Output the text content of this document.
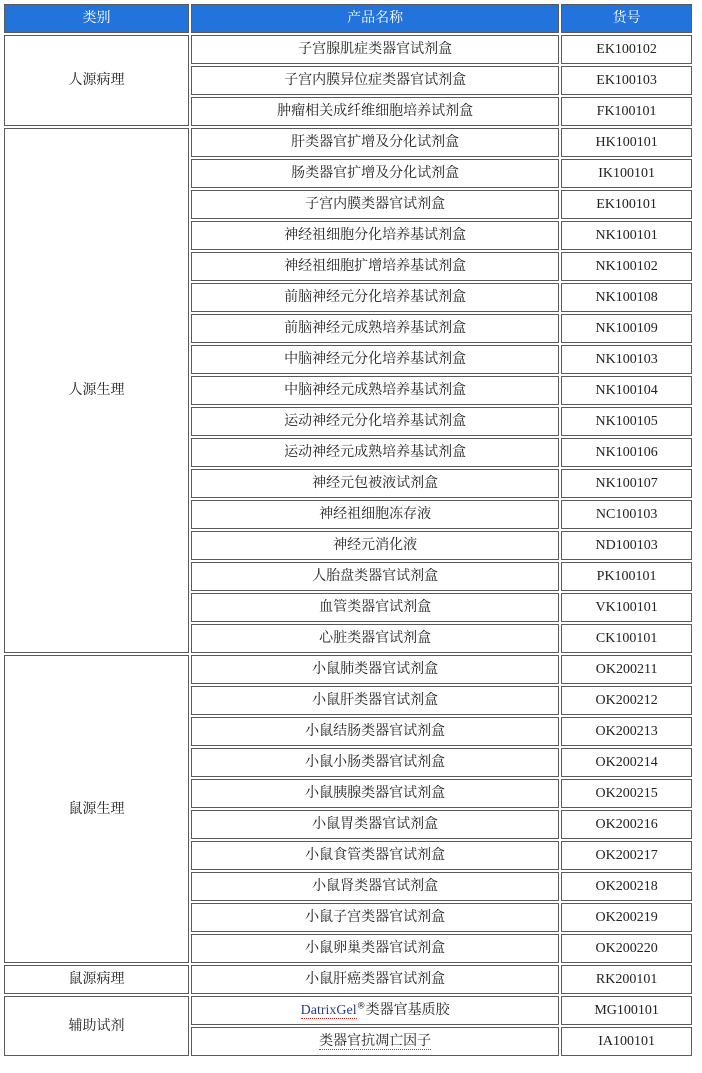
类别	产品名称	货号
人源病理	子宫腺肌症类器官试剂盒	EK100102
	子宫内膜异位症类器官试剂盒	EK100103
	肿瘤相关成纤维细胞培养试剂盒	FK100101
人源生理	肝类器官扩增及分化试剂盒	HK100101
	肠类器官扩增及分化试剂盒	IK100101
	子宫内膜类器官试剂盒	EK100101
	神经祖细胞分化培养基试剂盒	NK100101
	神经祖细胞扩增培养基试剂盒	NK100102
	前脑神经元分化培养基试剂盒	NK100108
	前脑神经元成熟培养基试剂盒	NK100109
	中脑神经元分化培养基试剂盒	NK100103
	中脑神经元成熟培养基试剂盒	NK100104
	运动神经元分化培养基试剂盒	NK100105
	运动神经元成熟培养基试剂盒	NK100106
	神经元包被液试剂盒	NK100107
	神经祖细胞冻存液	NC100103
	神经元消化液	ND100103
	人胎盘类器官试剂盒	PK100101
	血管类器官试剂盒	VK100101
	心脏类器官试剂盒	CK100101
鼠源生理	小鼠肺类器官试剂盒	OK200211
	小鼠肝类器官试剂盒	OK200212
	小鼠结肠类器官试剂盒	OK200213
	小鼠小肠类器官试剂盒	OK200214
	小鼠胰腺类器官试剂盒	OK200215
	小鼠胃类器官试剂盒	OK200216
	小鼠食管类器官试剂盒	OK200217
	小鼠肾类器官试剂盒	OK200218
	小鼠子宫类器官试剂盒	OK200219
	小鼠卵巢类器官试剂盒	OK200220
鼠源病理	小鼠肝癌类器官试剂盒	RK200101
辅助试剂	DatrixGel®类器官基质胶	MG100101
	类器官抗凋亡因子	IA100101
